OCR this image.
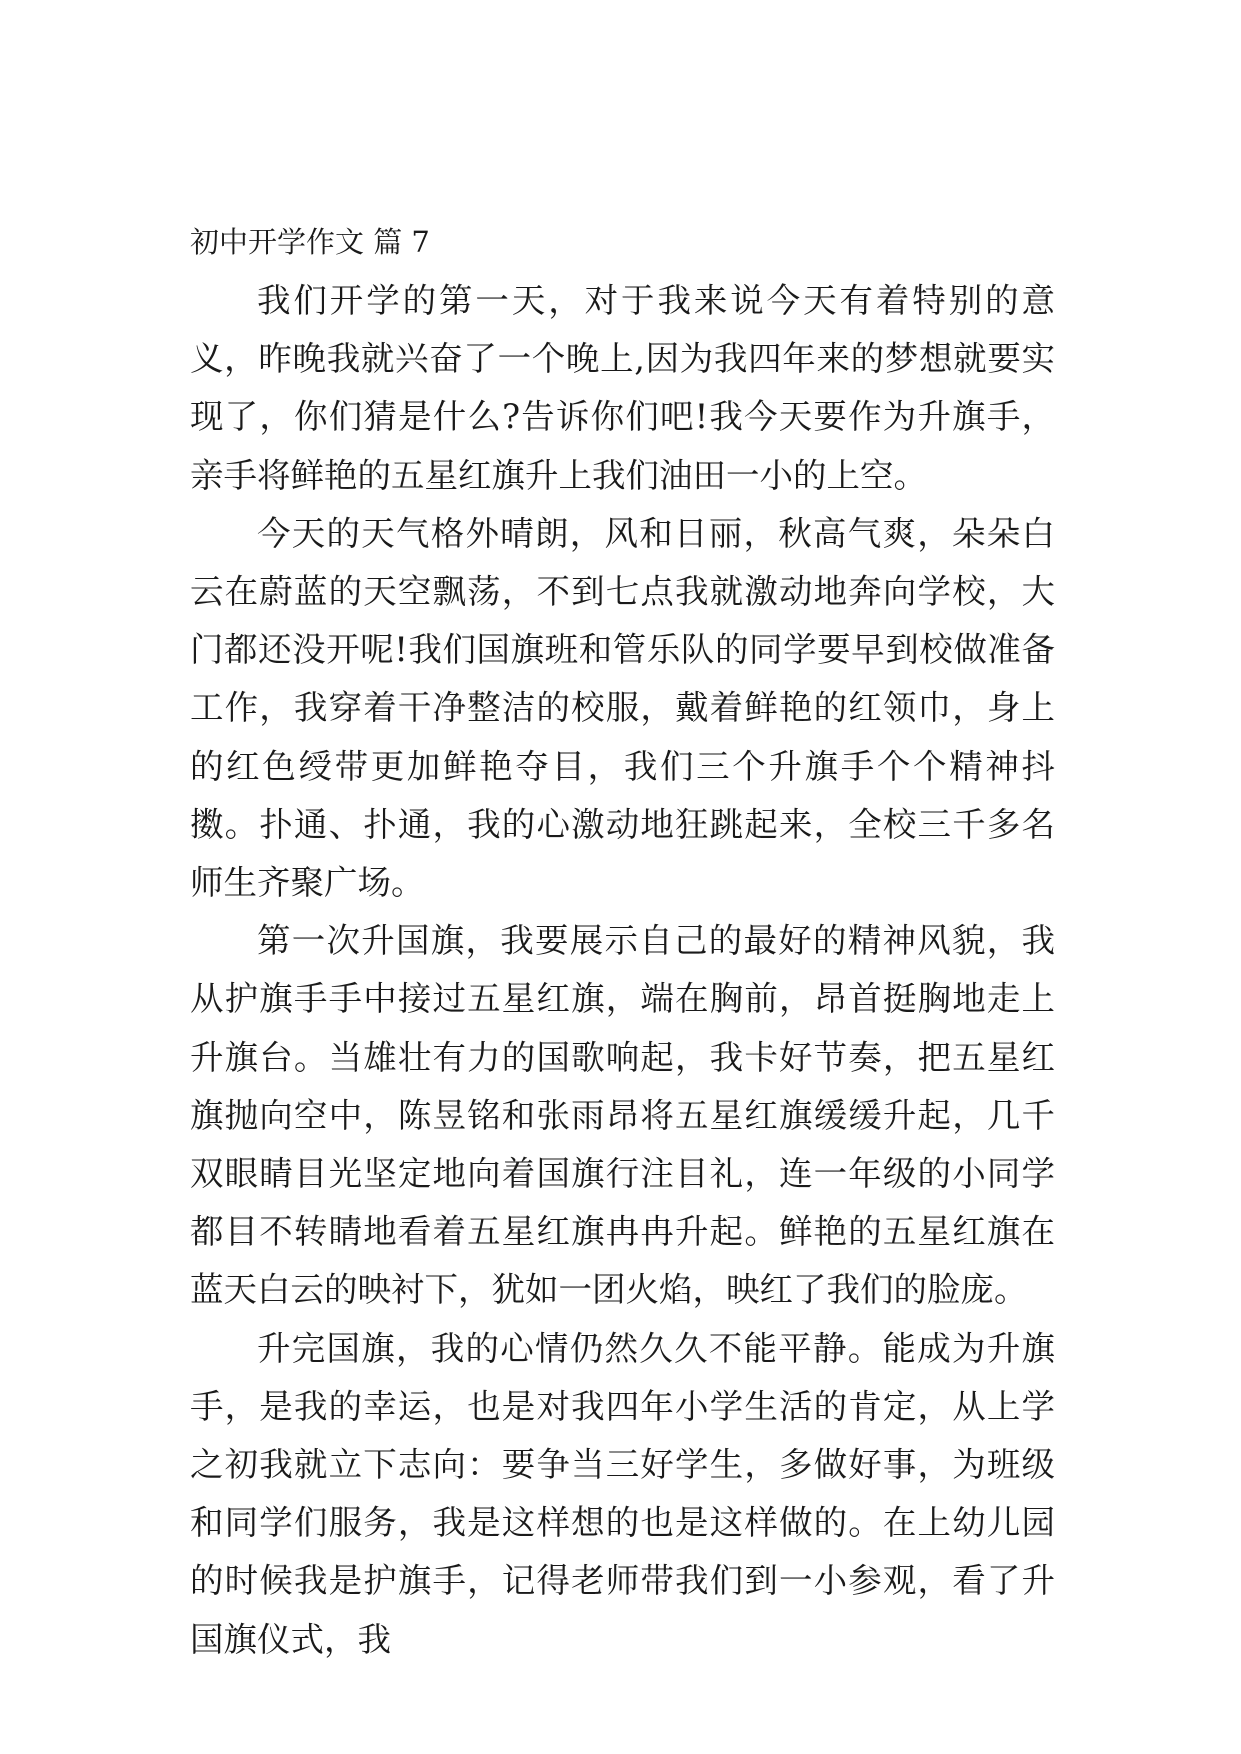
初中开学作文 篇 7

我们开学的第一天，对于我来说今天有着特别的意义，昨晚我就兴奋了一个晚上,因为我四年来的梦想就要实现了，你们猜是什么?告诉你们吧!我今天要作为升旗手，亲手将鲜艳的五星红旗升上我们油田一小的上空。

今天的天气格外晴朗，风和日丽，秋高气爽，朵朵白云在蔚蓝的天空飘荡，不到七点我就激动地奔向学校，大门都还没开呢!我们国旗班和管乐队的同学要早到校做准备工作，我穿着干净整洁的校服，戴着鲜艳的红领巾，身上的红色绶带更加鲜艳夺目，我们三个升旗手个个精神抖擞。扑通、扑通，我的心激动地狂跳起来，全校三千多名师生齐聚广场。

第一次升国旗，我要展示自己的最好的精神风貌，我从护旗手手中接过五星红旗，端在胸前，昂首挺胸地走上升旗台。当雄壮有力的国歌响起，我卡好节奏，把五星红旗抛向空中，陈昱铭和张雨昂将五星红旗缓缓升起，几千双眼睛目光坚定地向着国旗行注目礼，连一年级的小同学都目不转睛地看着五星红旗冉冉升起。鲜艳的五星红旗在蓝天白云的映衬下，犹如一团火焰，映红了我们的脸庞。

升完国旗，我的心情仍然久久不能平静。能成为升旗手，是我的幸运，也是对我四年小学生活的肯定，从上学之初我就立下志向：要争当三好学生，多做好事，为班级和同学们服务，我是这样想的也是这样做的。在上幼儿园的时候我是护旗手，记得老师带我们到一小参观，看了升国旗仪式，我
